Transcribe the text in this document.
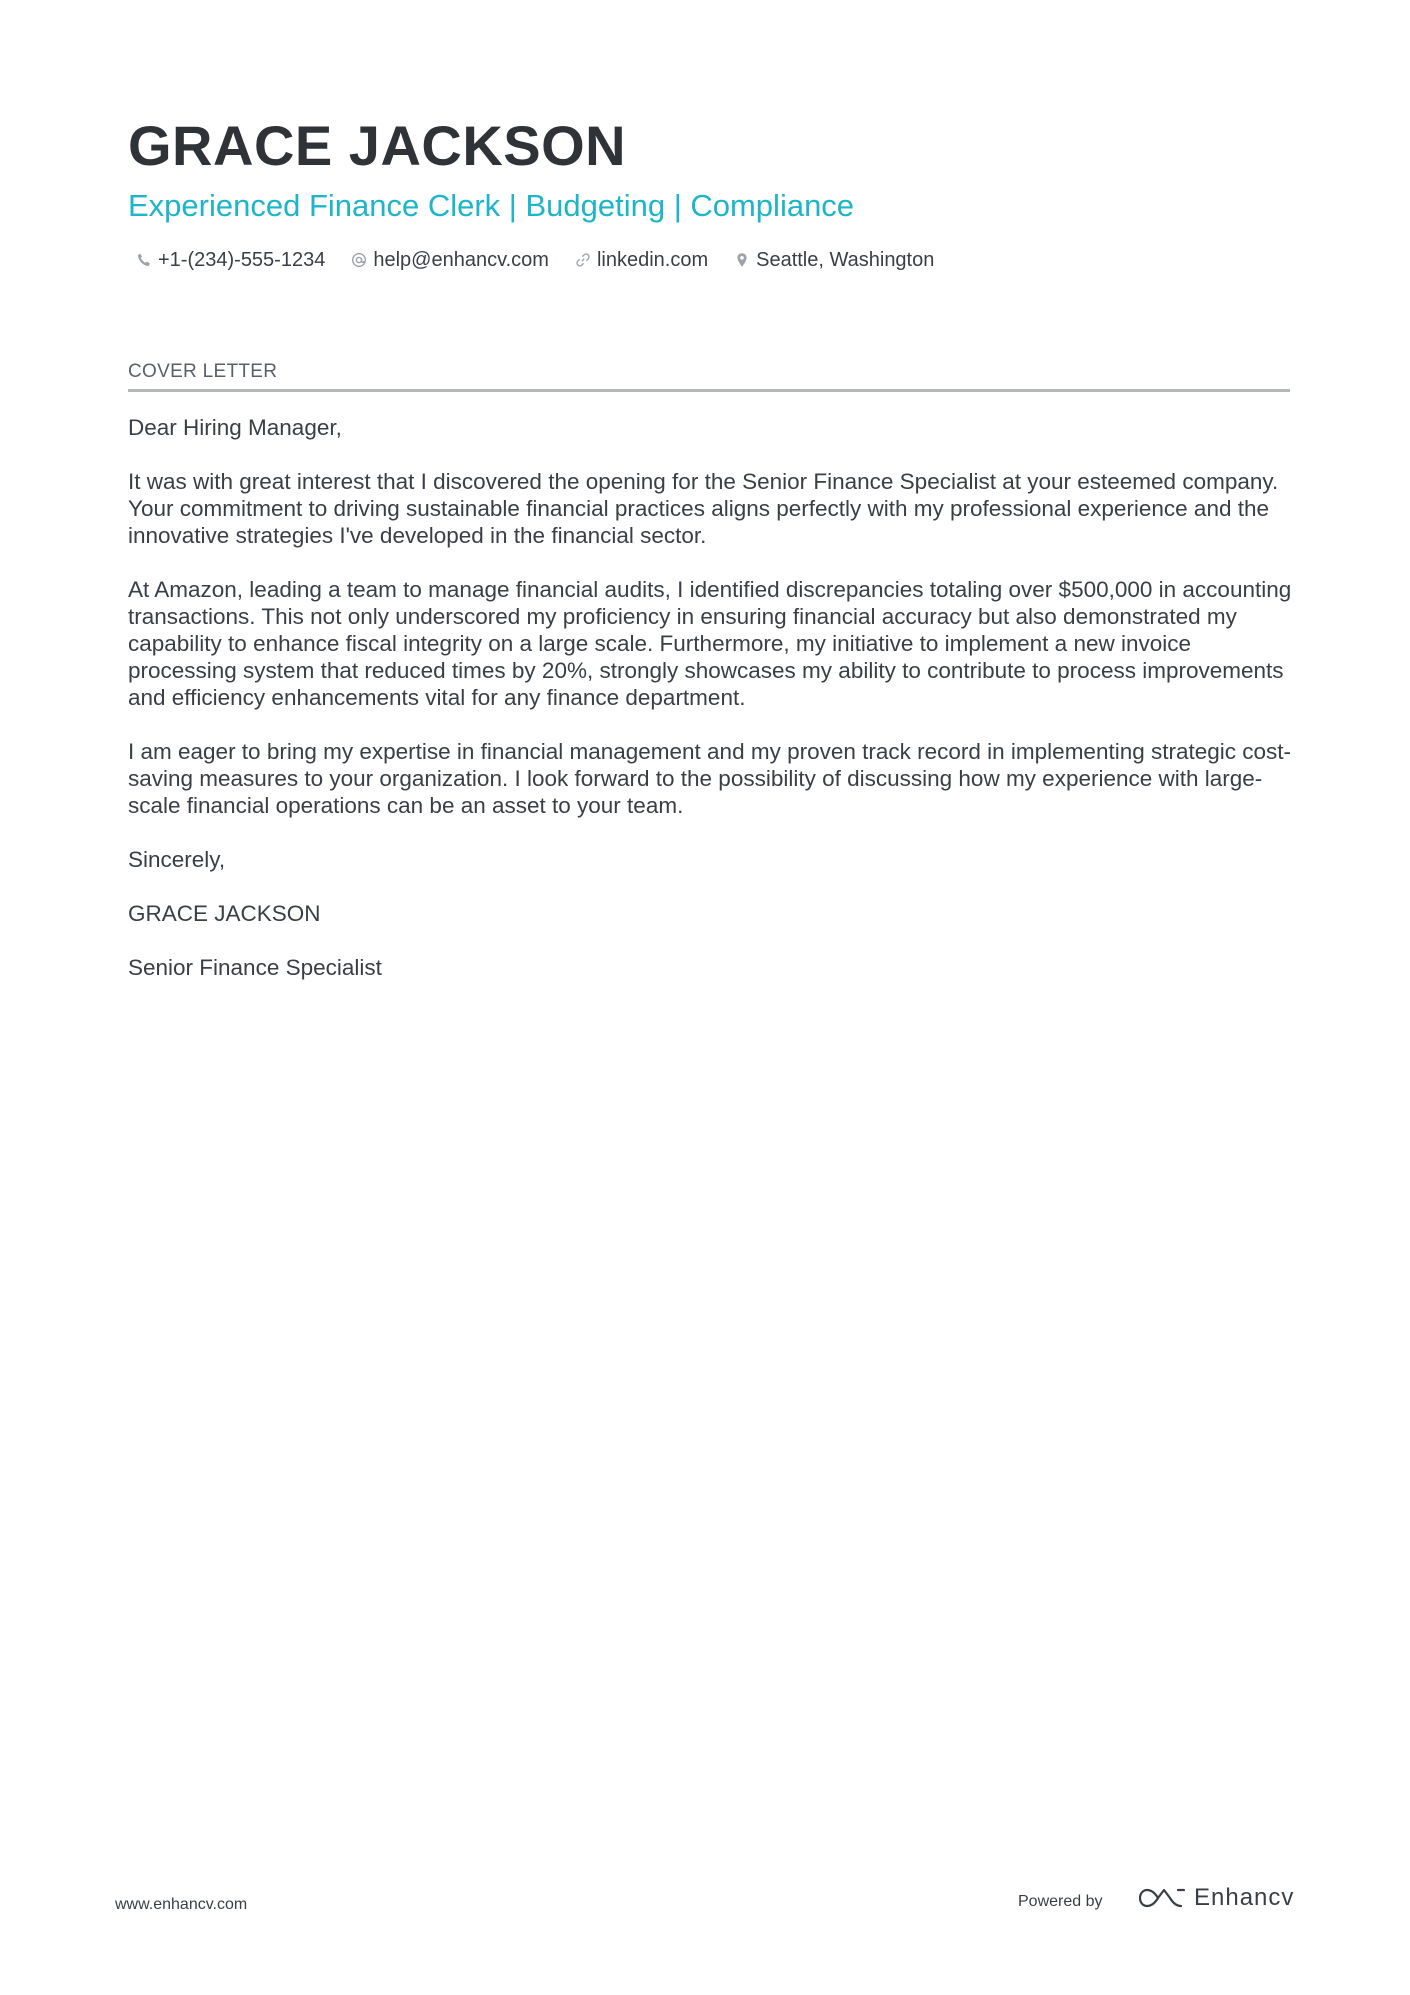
GRACE JACKSON
Experienced Finance Clerk | Budgeting | Compliance
+1-(234)-555-1234 help@enhancv.com linkedin.com Seattle, Washington
COVER LETTER

Dear Hiring Manager,

It was with great interest that I discovered the opening for the Senior Finance Specialist at your esteemed company. Your commitment to driving sustainable financial practices aligns perfectly with my professional experience and the innovative strategies I've developed in the financial sector.

At Amazon, leading a team to manage financial audits, I identified discrepancies totaling over $500,000 in accounting transactions. This not only underscored my proficiency in ensuring financial accuracy but also demonstrated my capability to enhance fiscal integrity on a large scale. Furthermore, my initiative to implement a new invoice processing system that reduced times by 20%, strongly showcases my ability to contribute to process improvements and efficiency enhancements vital for any finance department.

I am eager to bring my expertise in financial management and my proven track record in implementing strategic cost-saving measures to your organization. I look forward to the possibility of discussing how my experience with large-scale financial operations can be an asset to your team.

Sincerely,

GRACE JACKSON

Senior Finance Specialist

www.enhancv.com	Powered by	Enhancv
